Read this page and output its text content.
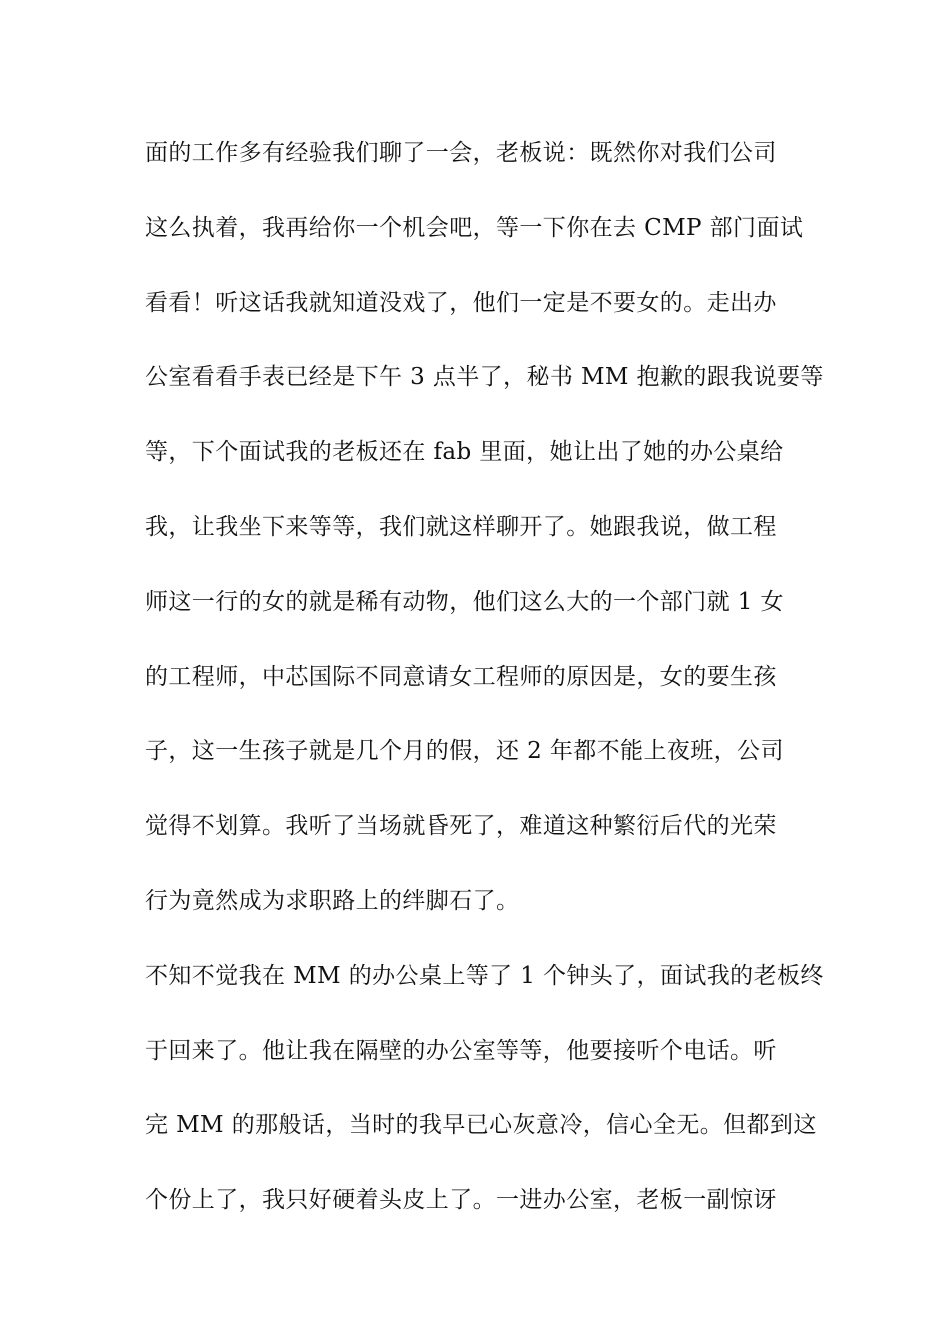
面的工作多有经验我们聊了一会，老板说：既然你对我们公司
这么执着，我再给你一个机会吧，等一下你在去 CMP 部门面试
看看！听这话我就知道没戏了，他们一定是不要女的。走出办
公室看看手表已经是下午 3 点半了，秘书 MM 抱歉的跟我说要等
等，下个面试我的老板还在 fab 里面，她让出了她的办公桌给
我，让我坐下来等等，我们就这样聊开了。她跟我说，做工程
师这一行的女的就是稀有动物，他们这么大的一个部门就 1 女
的工程师，中芯国际不同意请女工程师的原因是，女的要生孩
子，这一生孩子就是几个月的假，还 2 年都不能上夜班，公司
觉得不划算。我听了当场就昏死了，难道这种繁衍后代的光荣
行为竟然成为求职路上的绊脚石了。
不知不觉我在 MM 的办公桌上等了 1 个钟头了，面试我的老板终
于回来了。他让我在隔壁的办公室等等，他要接听个电话。听
完 MM 的那般话，当时的我早已心灰意冷，信心全无。但都到这
个份上了，我只好硬着头皮上了。一进办公室，老板一副惊讶
